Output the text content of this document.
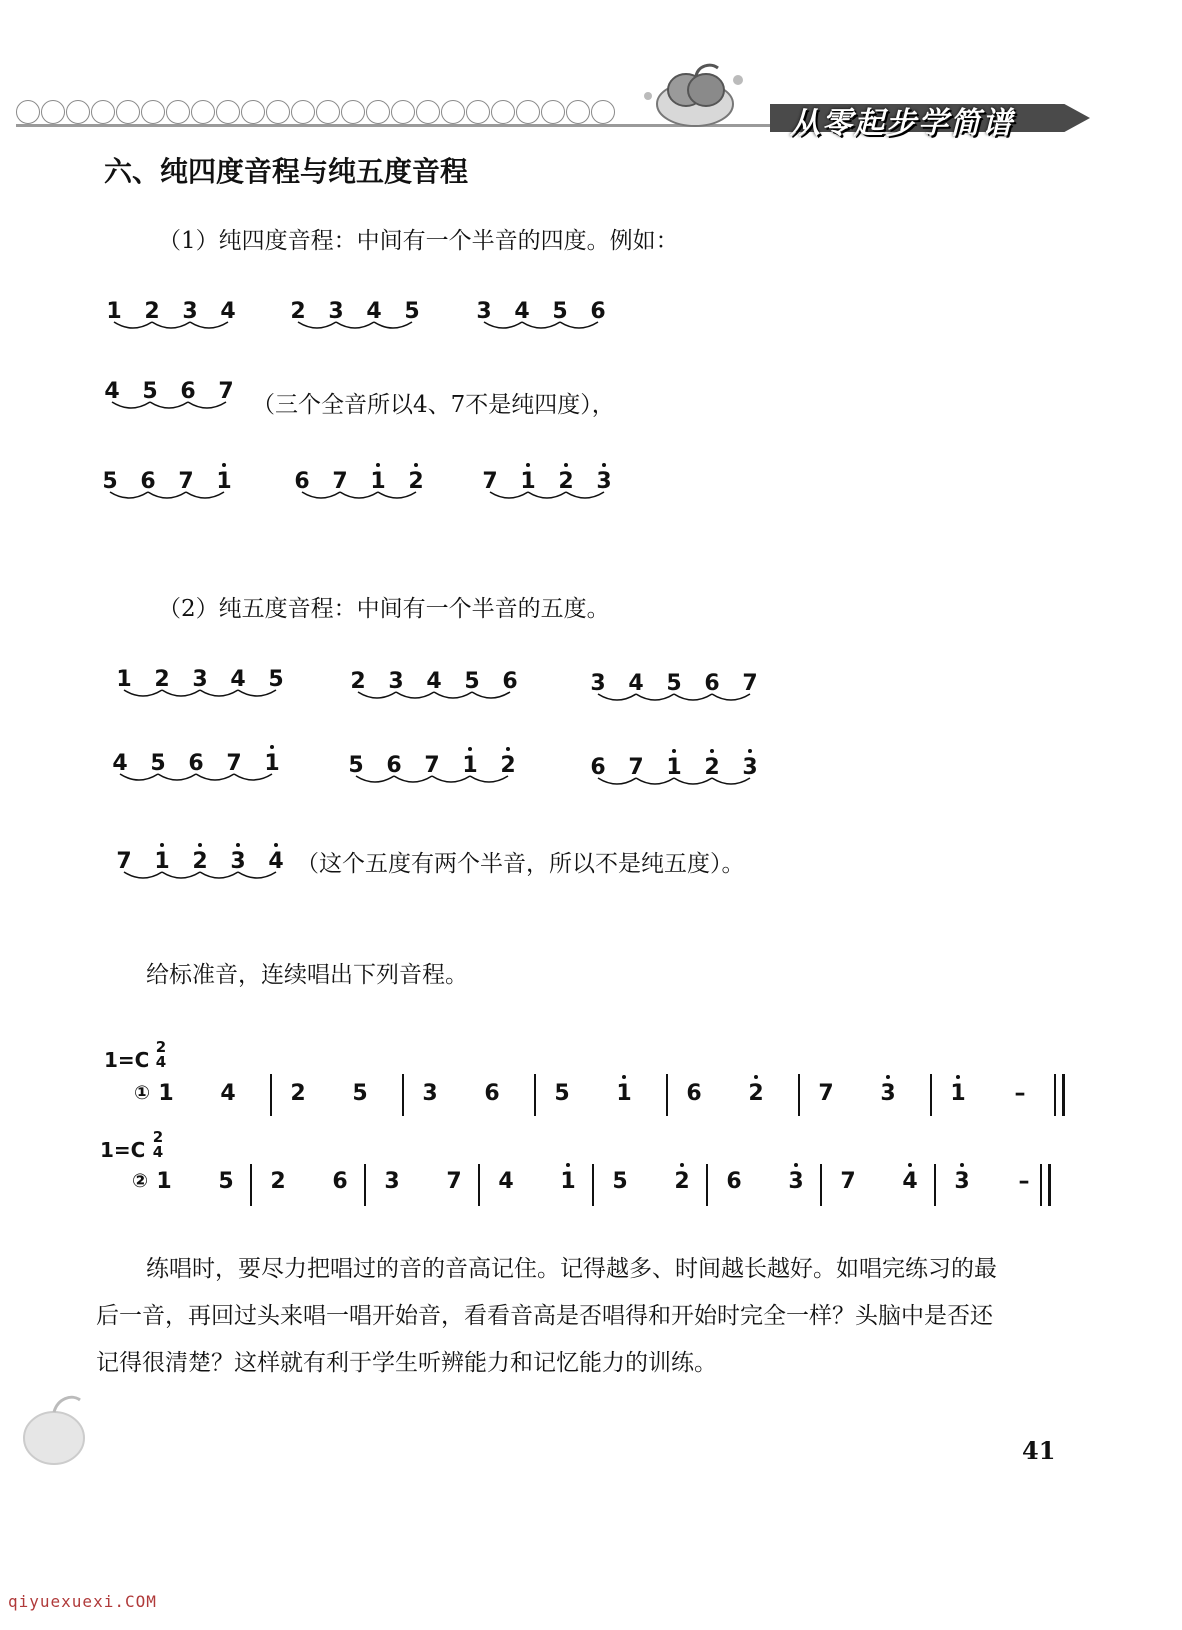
从零起步学简谱
六、纯四度音程与纯五度音程
（1）纯四度音程：中间有一个半音的四度。例如：
1 2 3 4 2 3 4 5	3 4 5 6
4 5 6 7
5 6 7 1	6 7 1 2	7 1 2 3
1 2 3 4 5	2 3 4 5 6	3 4 5 6 7
4 5 6 7 1	5 6 7 1 2	6 7 1 2 3
7 1 2 3 4
1 4 2 5 3 6 5 1 6 2 7 3 1 –
1 5 2 6 3 7 4 1 5 2 6 3 7 4 3 –
（三个全音所以4、7不是纯四度），
（2）纯五度音程：中间有一个半音的五度。
（这个五度有两个半音，所以不是纯五度）。
给标准音，连续唱出下列音程。
1=C
2
4
①
1=C
2
4
②
练唱时，要尽力把唱过的音的音高记住。记得越多、时间越长越好。如唱完练习的最
后一音，再回过头来唱一唱开始音，看看音高是否唱得和开始时完全一样？头脑中是否还
记得很清楚？这样就有利于学生听辨能力和记忆能力的训练。
41
qiyuexuexi.COM
